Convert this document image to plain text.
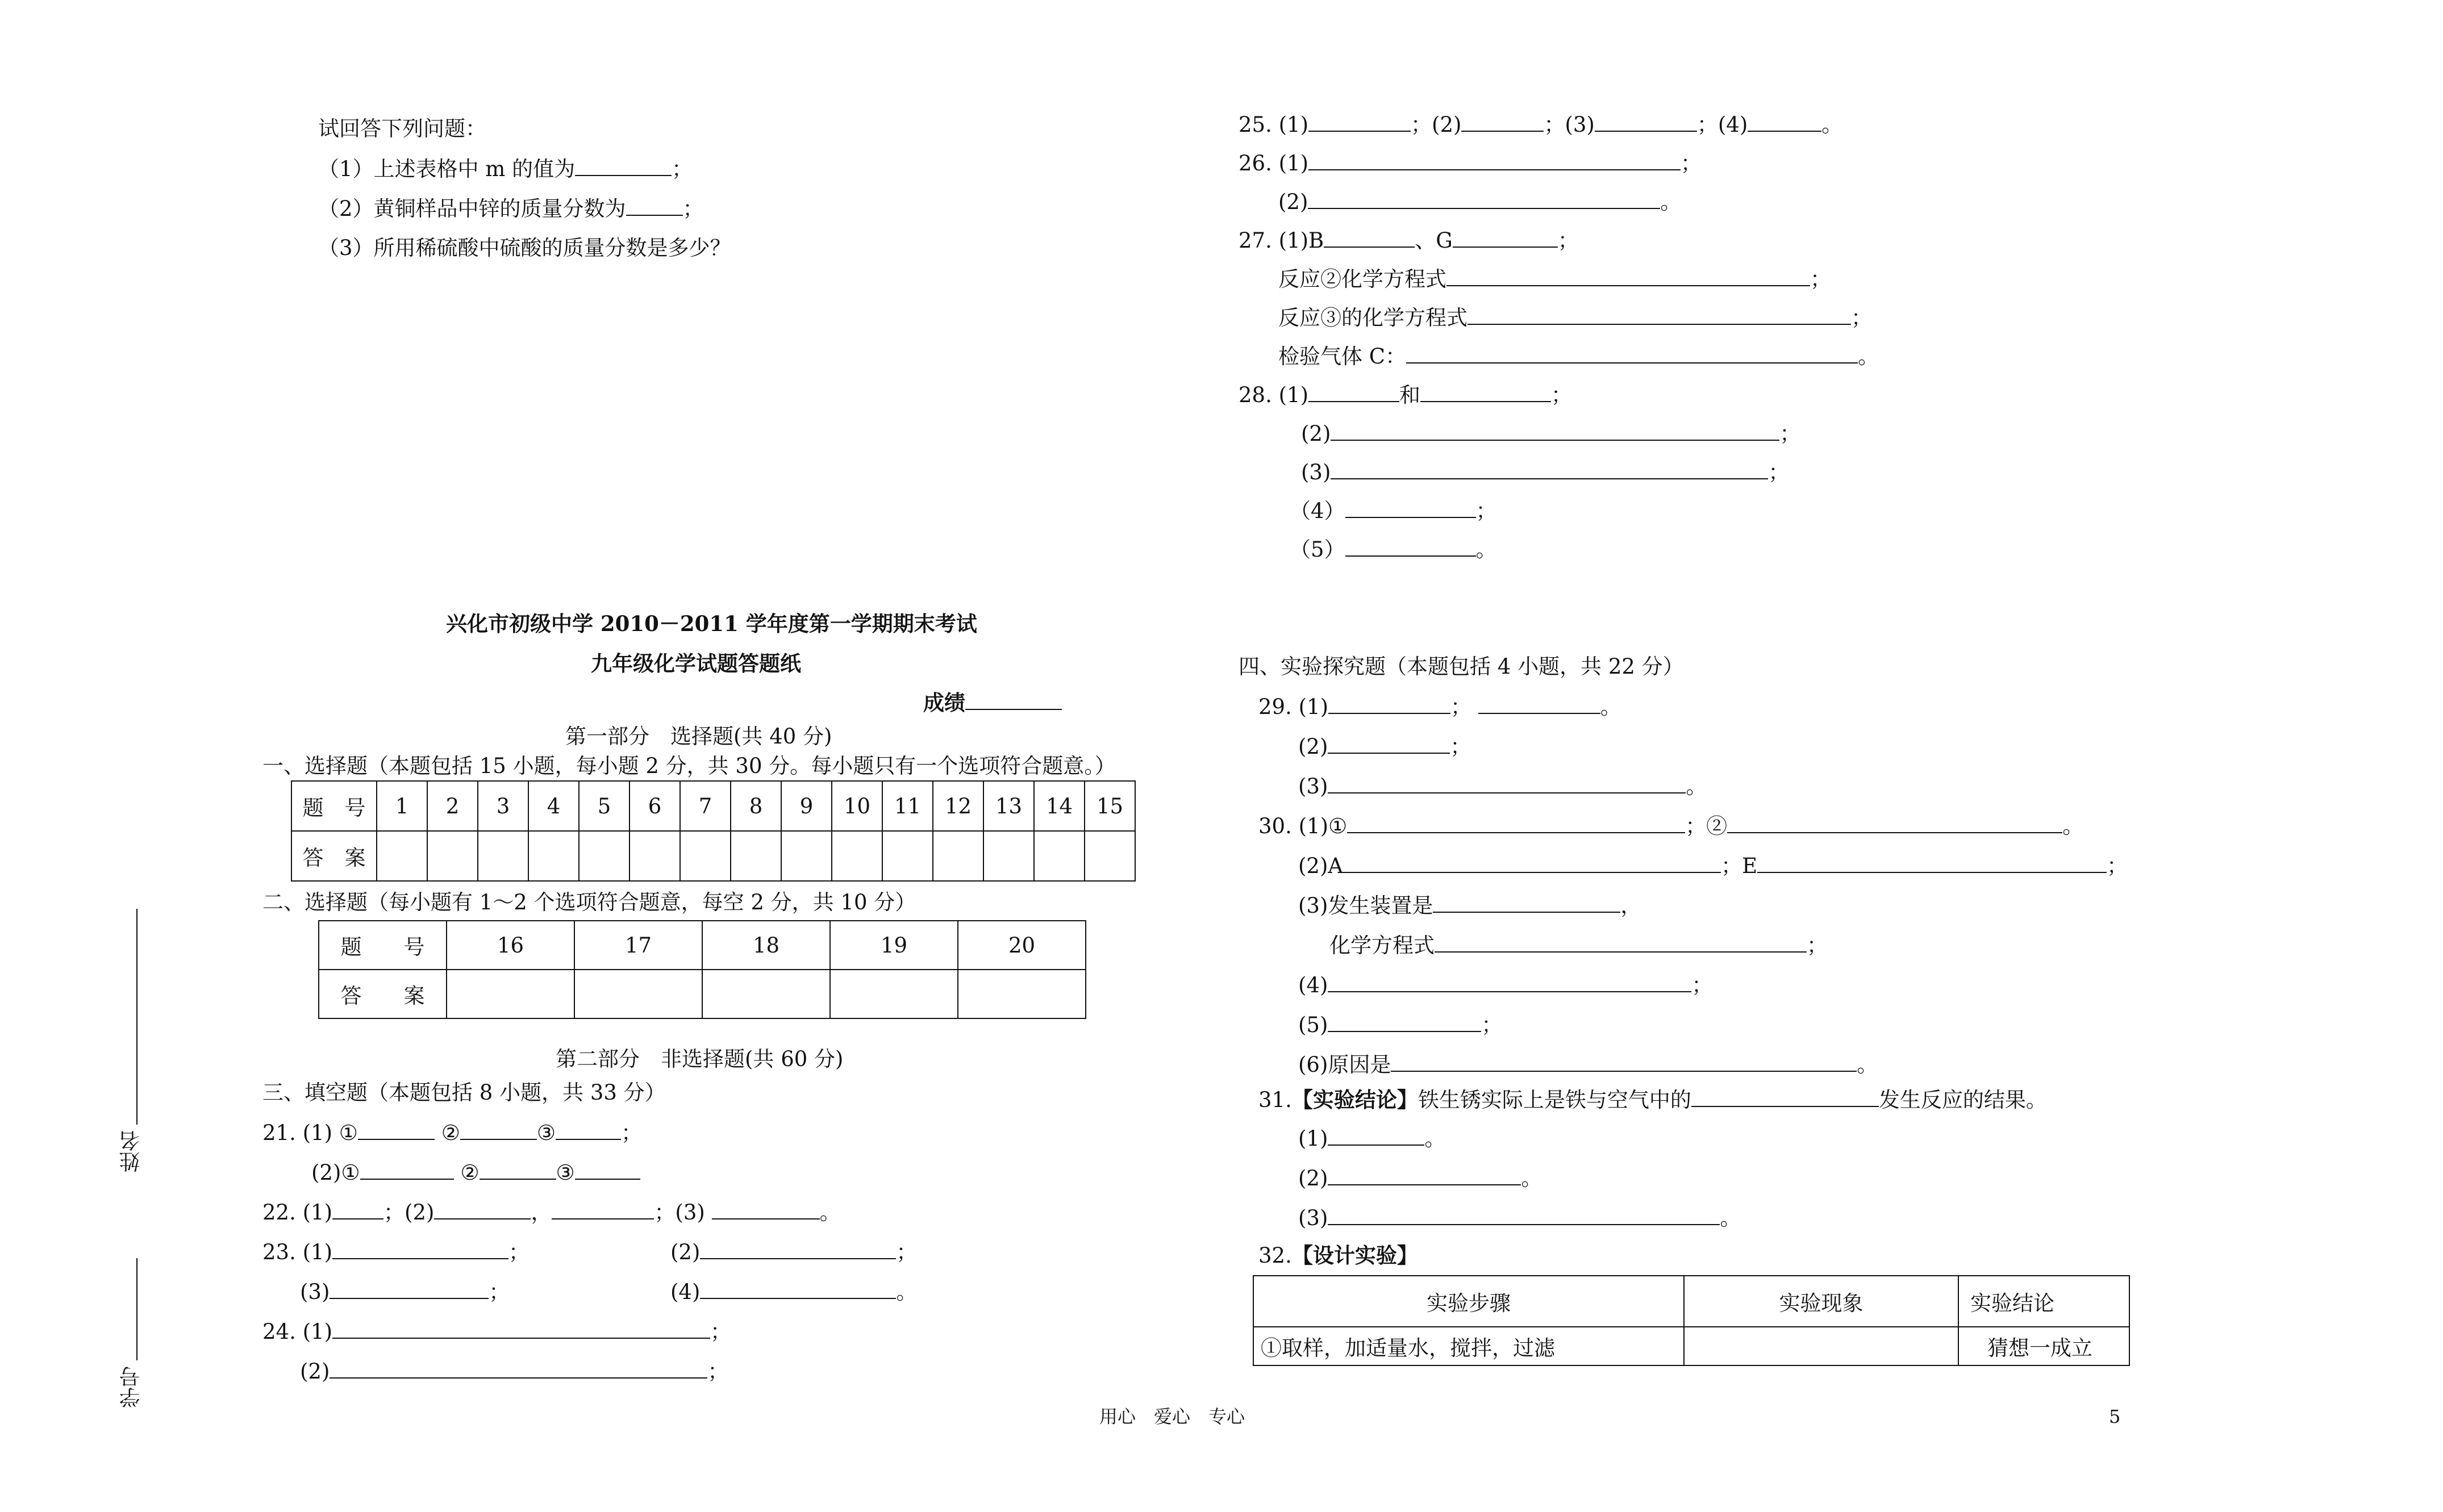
试回答下列问题：
（1）上述表格中 m 的值为	；
（2）黄铜样品中锌的质量分数为	；
（3）所用稀硫酸中硫酸的质量分数是多少？
兴化市初级中学 2010－2011 学年度第一学期期末考试
九年级化学试题答题纸
成绩
第一部分　选择题(共 40 分)
一、选择题（本题包括 15 小题，每小题 2 分，共 30 分。每小题只有一个选项符合题意。）
题　号	1	2	3	4	5	6	7	8	9	10	11	12	13	14	15
答　案															
二、选择题（每小题有 1～2 个选项符合题意，每空 2 分，共 10 分）
题　　号	16	17	18	19	20
答　　案					
第二部分　非选择题(共 60 分)
三、填空题（本题包括 8 小题，共 33 分）
21. (1) ①	②	③	；
(2)①	②	③
22. (1) ；(2)	，	；(3)	。
23. (1)	；	(2)	；
(3)	；	(4)	。
24. (1)	；
(2)	；
姓名
学号
25. (1)	；(2)	；(3)	；(4)	。
26. (1)	；
(2)	。
27. (1)B	、G	；
反应②化学方程式	；
反应③的化学方程式	；
检验气体 C：	。
28. (1)	和	；
(2)	；
(3)	；
（4）	；
（5）	。
四、实验探究题（本题包括 4 小题，共 22 分）
29. (1)	；	。
(2)	；
(3)	。
30. (1)①	；②	。
(2)A	；E	；
(3)发生装置是	，
化学方程式	；
(4)	；
(5)	；
(6)原因是	。
31.【实验结论】铁生锈实际上是铁与空气中的	发生反应的结果。
(1)	。
(2)	。
(3)	。
32.【设计实验】
实验步骤	实验现象	实验结论
①取样，加适量水，搅拌，过滤		猜想一成立
用心　爱心　专心	5
